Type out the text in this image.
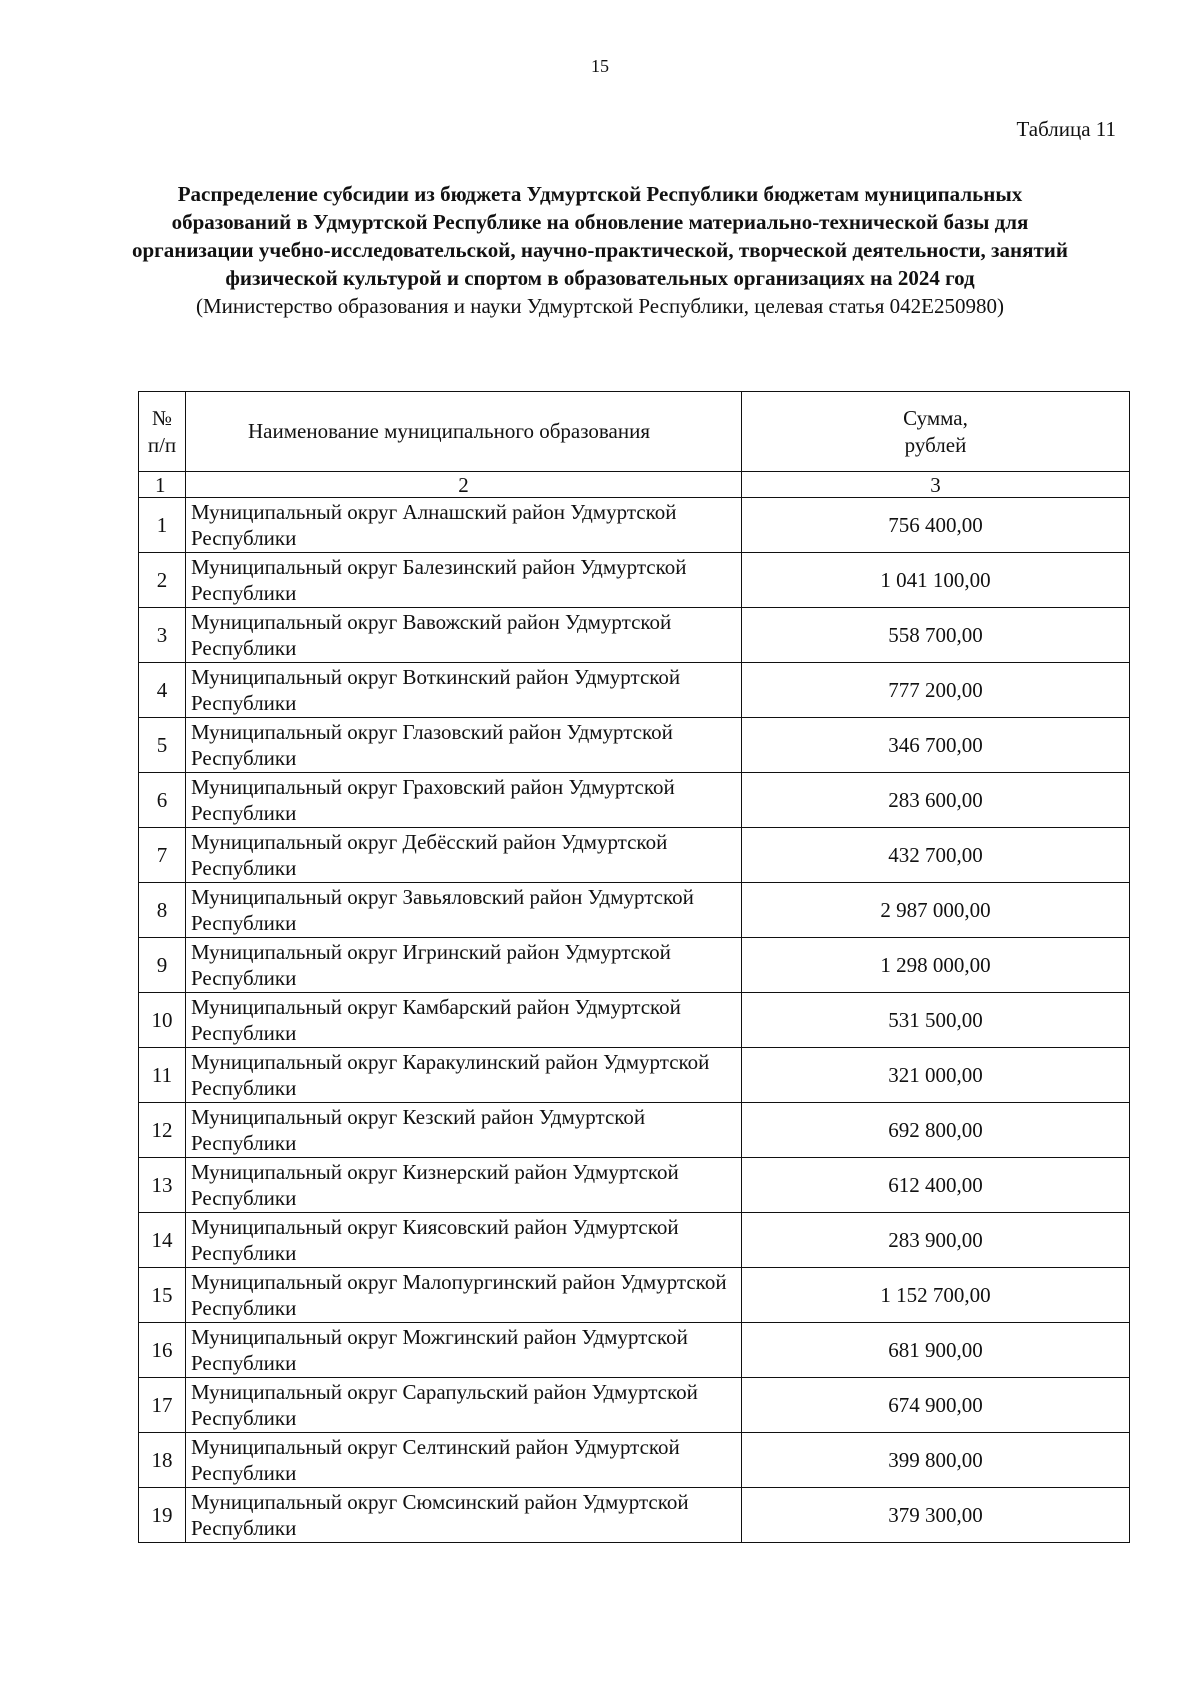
15
Таблица 11
Распределение субсидии из бюджета Удмуртской Республики бюджетам муниципальных образований в Удмуртской Республике на обновление материально-технической базы для организации учебно-исследовательской, научно-практической, творческой деятельности, занятий физической культурой и спортом в образовательных организациях на 2024 год
(Министерство образования и науки Удмуртской Республики, целевая статья 042Е250980)
№ п/п	Наименование муниципального образования	Сумма, рублей
1	2	3
1	Муниципальный округ Алнашский район Удмуртской Республики	756 400,00
2	Муниципальный округ Балезинский район Удмуртской Республики	1 041 100,00
3	Муниципальный округ Вавожский район Удмуртской Республики	558 700,00
4	Муниципальный округ Воткинский район Удмуртской Республики	777 200,00
5	Муниципальный округ Глазовский район Удмуртской Республики	346 700,00
6	Муниципальный округ Граховский район Удмуртской Республики	283 600,00
7	Муниципальный округ Дебёсский район Удмуртской Республики	432 700,00
8	Муниципальный округ Завьяловский район Удмуртской Республики	2 987 000,00
9	Муниципальный округ Игринский район Удмуртской Республики	1 298 000,00
10	Муниципальный округ Камбарский район Удмуртской Республики	531 500,00
11	Муниципальный округ Каракулинский район Удмуртской Республики	321 000,00
12	Муниципальный округ Кезский район Удмуртской Республики	692 800,00
13	Муниципальный округ Кизнерский район Удмуртской Республики	612 400,00
14	Муниципальный округ Киясовский район Удмуртской Республики	283 900,00
15	Муниципальный округ Малопургинский район Удмуртской Республики	1 152 700,00
16	Муниципальный округ Можгинский район Удмуртской Республики	681 900,00
17	Муниципальный округ Сарапульский район Удмуртской Республики	674 900,00
18	Муниципальный округ Селтинский район Удмуртской Республики	399 800,00
19	Муниципальный округ Сюмсинский район Удмуртской Республики	379 300,00
